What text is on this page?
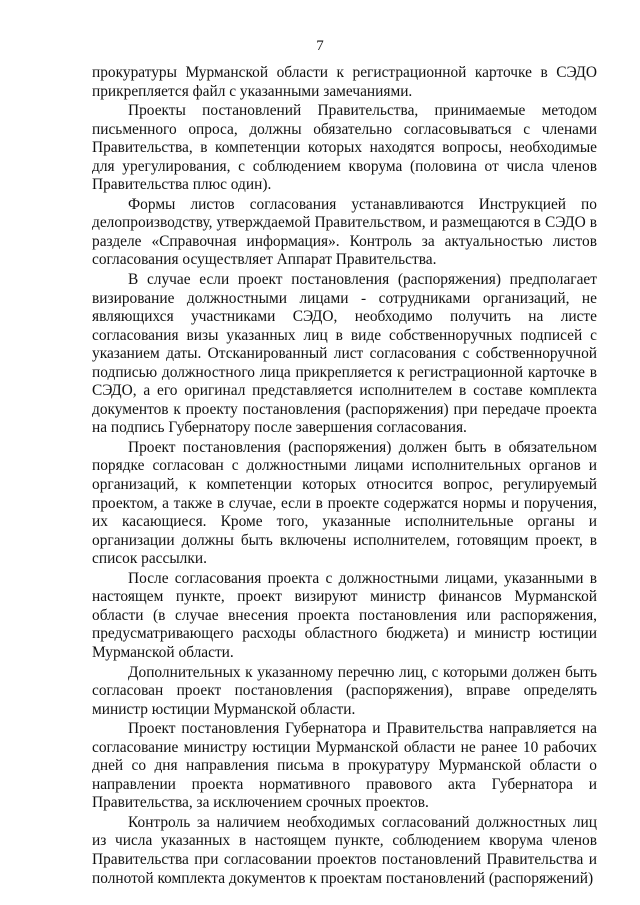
7

прокуратуры Мурманской области к регистрационной карточке в СЭДО прикрепляется файл с указанными замечаниями.

Проекты постановлений Правительства, принимаемые методом письменного опроса, должны обязательно согласовываться с членами Правительства, в компетенции которых находятся вопросы, необходимые для урегулирования, с соблюдением кворума (половина от числа членов Правительства плюс один).

Формы листов согласования устанавливаются Инструкцией по делопроизводству, утверждаемой Правительством, и размещаются в СЭДО в разделе «Справочная информация». Контроль за актуальностью листов согласования осуществляет Аппарат Правительства.

В случае если проект постановления (распоряжения) предполагает визирование должностными лицами - сотрудниками организаций, не являющихся участниками СЭДО, необходимо получить на листе согласования визы указанных лиц в виде собственноручных подписей с указанием даты. Отсканированный лист согласования с собственноручной подписью должностного лица прикрепляется к регистрационной карточке в СЭДО, а его оригинал представляется исполнителем в составе комплекта документов к проекту постановления (распоряжения) при передаче проекта на подпись Губернатору после завершения согласования.

Проект постановления (распоряжения) должен быть в обязательном порядке согласован с должностными лицами исполнительных органов и организаций, к компетенции которых относится вопрос, регулируемый проектом, а также в случае, если в проекте содержатся нормы и поручения, их касающиеся. Кроме того, указанные исполнительные органы и организации должны быть включены исполнителем, готовящим проект, в список рассылки.

После согласования проекта с должностными лицами, указанными в настоящем пункте, проект визируют министр финансов Мурманской области (в случае внесения проекта постановления или распоряжения, предусматривающего расходы областного бюджета) и министр юстиции Мурманской области.

Дополнительных к указанному перечню лиц, с которыми должен быть согласован проект постановления (распоряжения), вправе определять министр юстиции Мурманской области.

Проект постановления Губернатора и Правительства направляется на согласование министру юстиции Мурманской области не ранее 10 рабочих дней со дня направления письма в прокуратуру Мурманской области о направлении проекта нормативного правового акта Губернатора и Правительства, за исключением срочных проектов.

Контроль за наличием необходимых согласований должностных лиц из числа указанных в настоящем пункте, соблюдением кворума членов Правительства при согласовании проектов постановлений Правительства и полнотой комплекта документов к проектам постановлений (распоряжений)
